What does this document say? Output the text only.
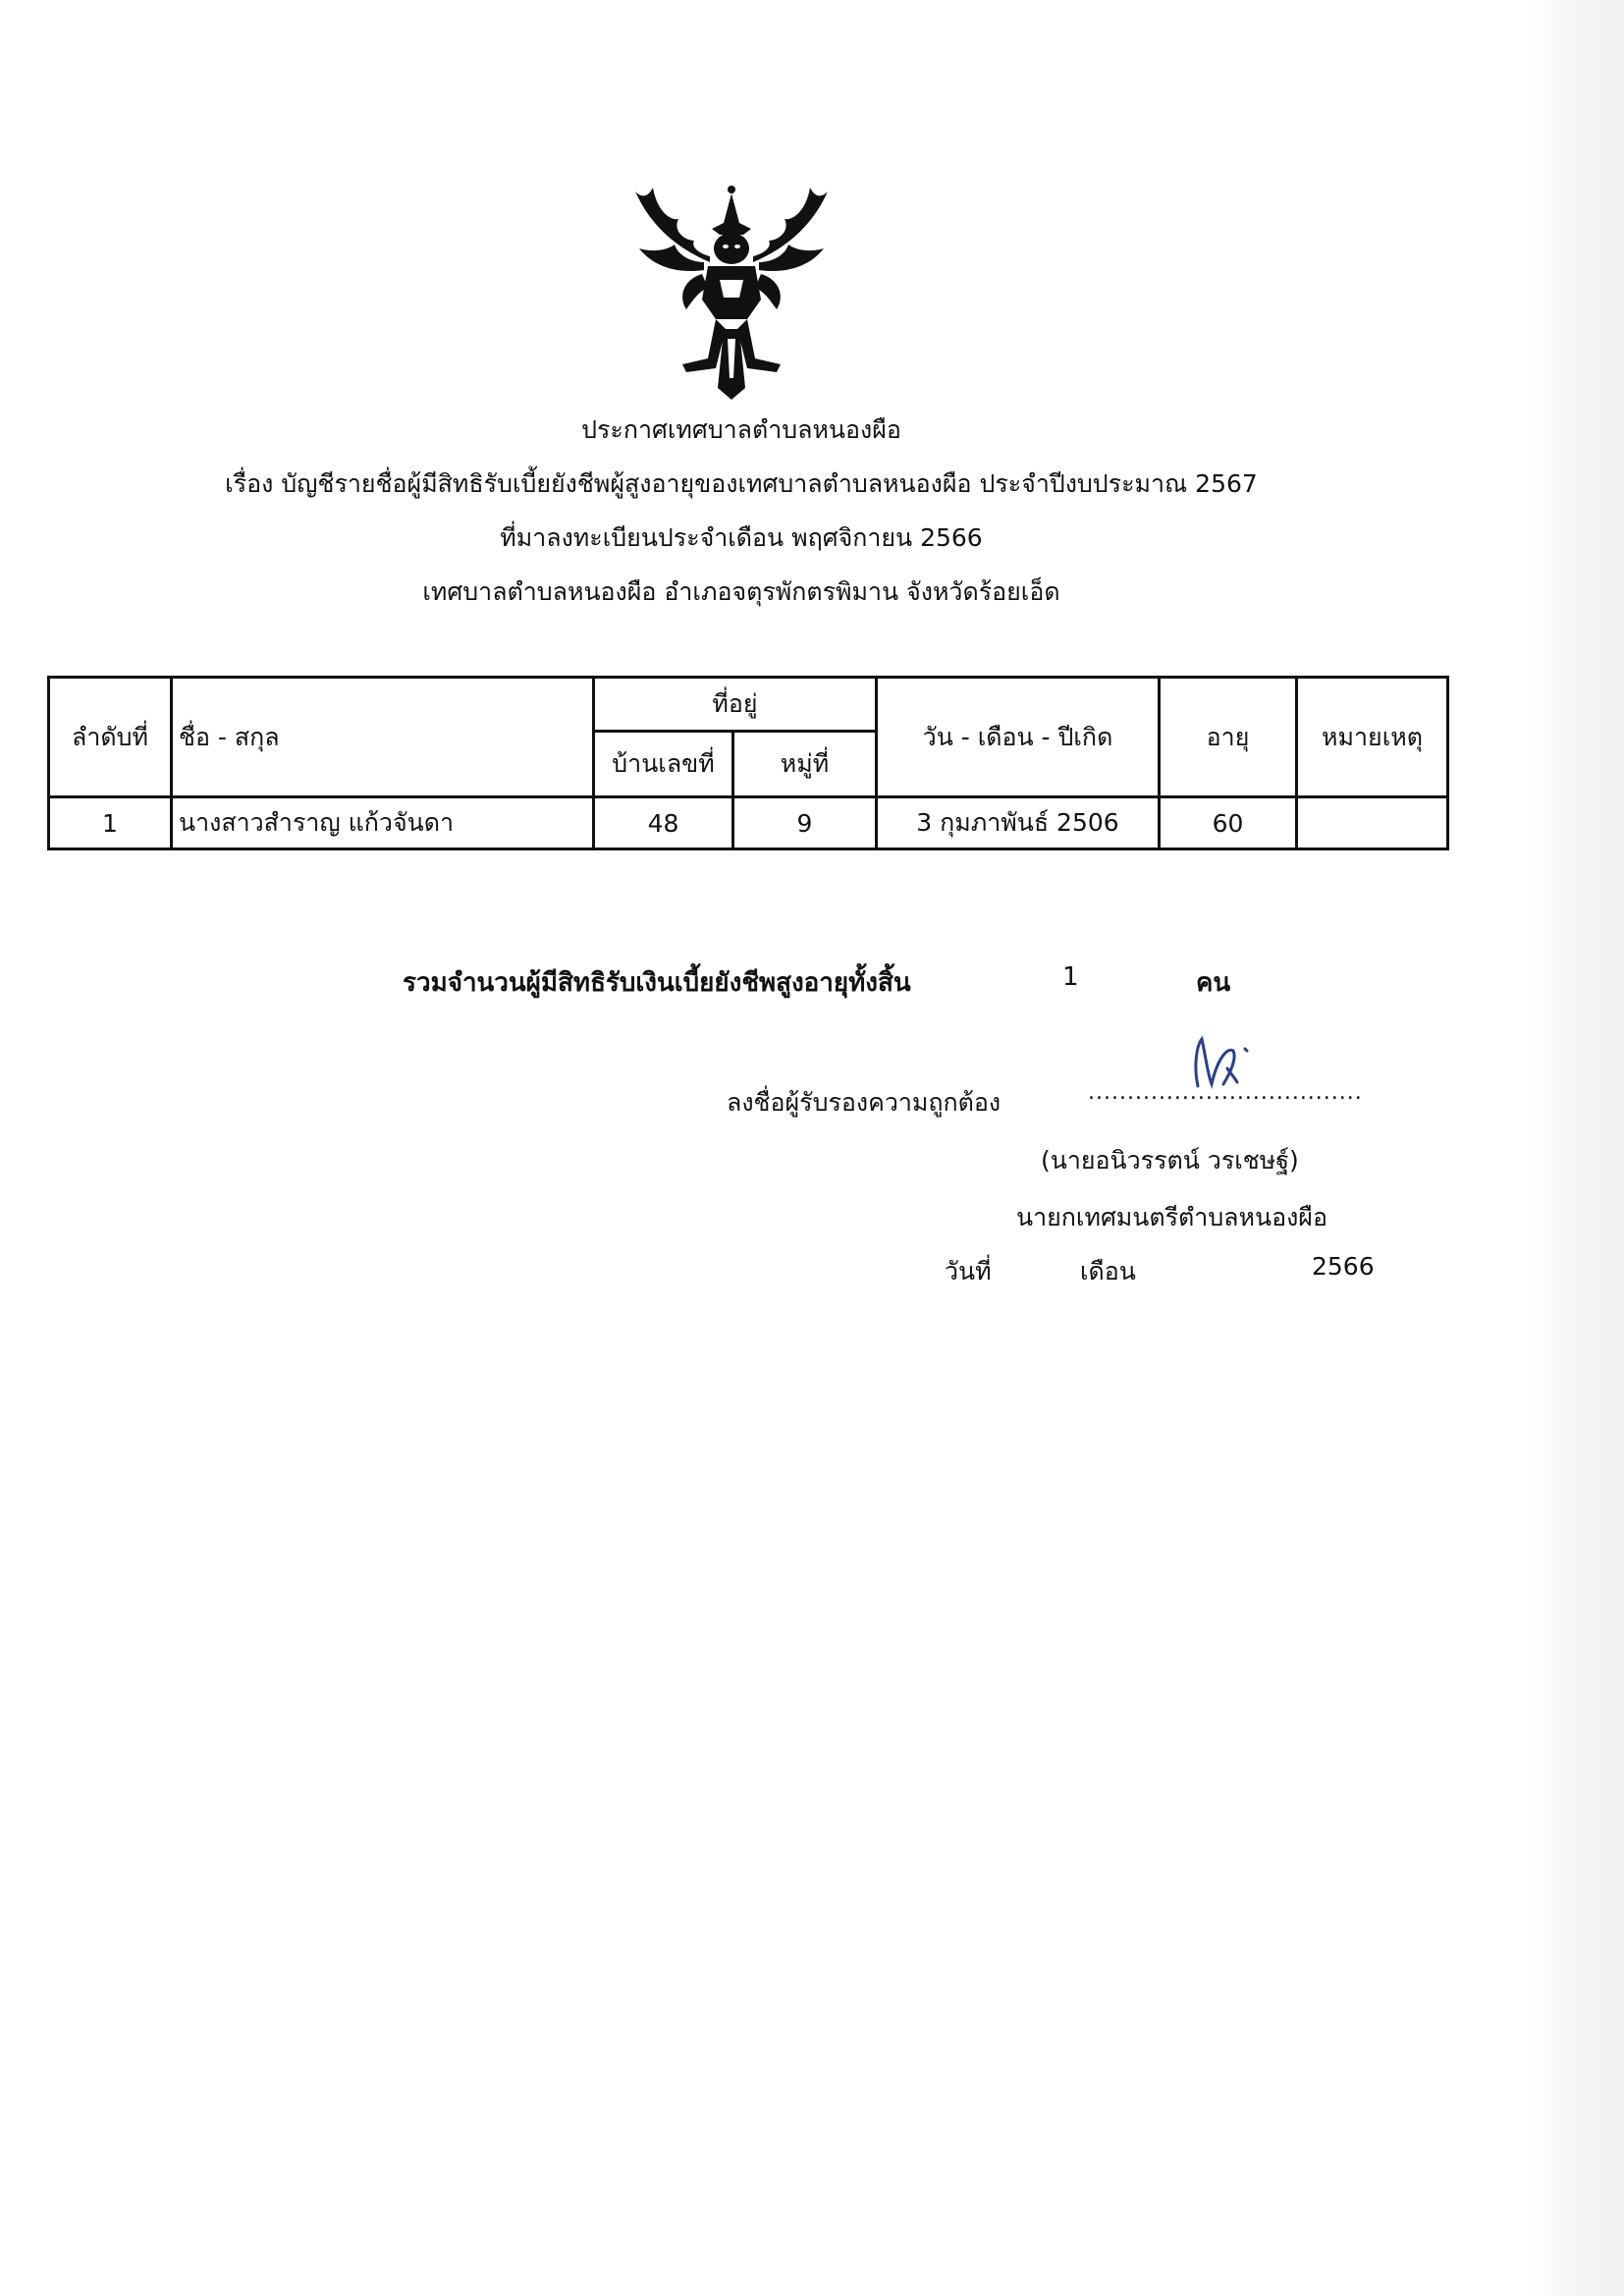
ประกาศเทศบาลตำบลหนองผือ
เรื่อง บัญชีรายชื่อผู้มีสิทธิรับเบี้ยยังชีพผู้สูงอายุของเทศบาลตำบลหนองผือ ประจำปีงบประมาณ 2567
ที่มาลงทะเบียนประจำเดือน พฤศจิกายน 2566
เทศบาลตำบลหนองผือ อำเภอจตุรพักตรพิมาน จังหวัดร้อยเอ็ด
ลำดับที่	ชื่อ - สกุล	ที่อยู่		วัน - เดือน - ปีเกิด	อายุ	หมายเหตุ
		บ้านเลขที่	หมู่ที่			
1	นางสาวสำราญ แก้วจันดา	48	9	3 กุมภาพันธ์ 2506	60	
รวมจำนวนผู้มีสิทธิรับเงินเบี้ยยังชีพสูงอายุทั้งสิ้น	1	คน
ลงชื่อผู้รับรองความถูกต้อง	...................................
(นายอนิวรรตน์ วรเชษฐ์)
นายกเทศมนตรีตำบลหนองผือ
วันที่	เดือน	2566
